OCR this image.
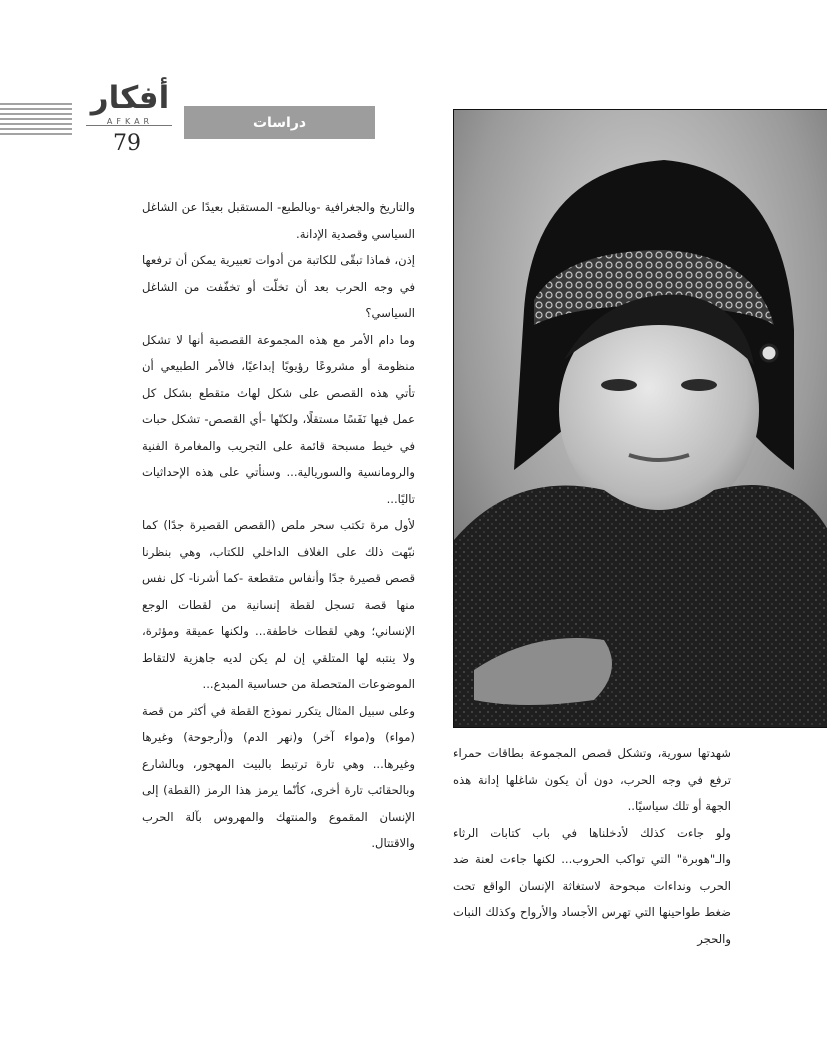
أفكار
AFKAR
79
دراسات

والتاريخ والجغرافية -وبالطبع- المستقبل بعيدًا عن الشاغل السياسي وقصدية الإدانة.

إذن، فماذا تبقّى للكاتبة من أدوات تعبيرية يمكن أن ترفعها في وجه الحرب بعد أن تخلّت أو تخفّفت من الشاغل السياسي؟

وما دام الأمر مع هذه المجموعة القصصية أنها لا تشكل منظومة أو مشروعًا رؤيويًا إبداعيًا، فالأمر الطبيعي أن تأتي هذه القصص على شكل لهاث متقطع بشكل كل عمل فيها نَفَسًا مستقلًا، ولكنّها -أي القصص- تشكل حبات في خيط مسبحة قائمة على التجريب والمغامرة الفنية والرومانسية والسوريالية... وسنأتي على هذه الإحداثيات تاليًا...

لأول مرة تكتب سحر ملص (القصص القصيرة جدًا) كما نبّهت ذلك على الغلاف الداخلي للكتاب، وهي بنظرنا قصص قصيرة جدًا وأنفاس متقطعة -كما أشرنا- كل نفس منها قصة تسجل لقطة إنسانية من لقطات الوجع الإنساني؛ وهي لقطات خاطفة... ولكنها عميقة ومؤثرة، ولا ينتبه لها المتلقي إن لم يكن لديه جاهزية لالتقاط الموضوعات المتحصلة من حساسية المبدع...

وعلى سبيل المثال يتكرر نموذج القطة في أكثر من قصة (مواء) و(مواء آخر) و(نهر الدم) و(أرجوحة) وغيرها وغيرها... وهي تارة ترتبط بالبيت المهجور، وبالشارع وبالحقائب تارة أخرى، كأنّما يرمز هذا الرمز (القطة) إلى الإنسان المقموع والمنتهك والمهروس بآلة الحرب والاقتتال.

شهدتها سورية، وتشكل قصص المجموعة بطاقات حمراء ترفع في وجه الحرب، دون أن يكون شاغلها إدانة هذه الجهة أو تلك سياسيًا..

ولو جاءت كذلك لأدخلناها في باب كتابات الرثاء والـ"هوبرة" التي تواكب الحروب... لكنها جاءت لعنة ضد الحرب ونداءات مبحوحة لاستغاثة الإنسان الواقع تحت ضغط طواحينها التي تهرس الأجساد والأرواح وكذلك النبات والحجر
